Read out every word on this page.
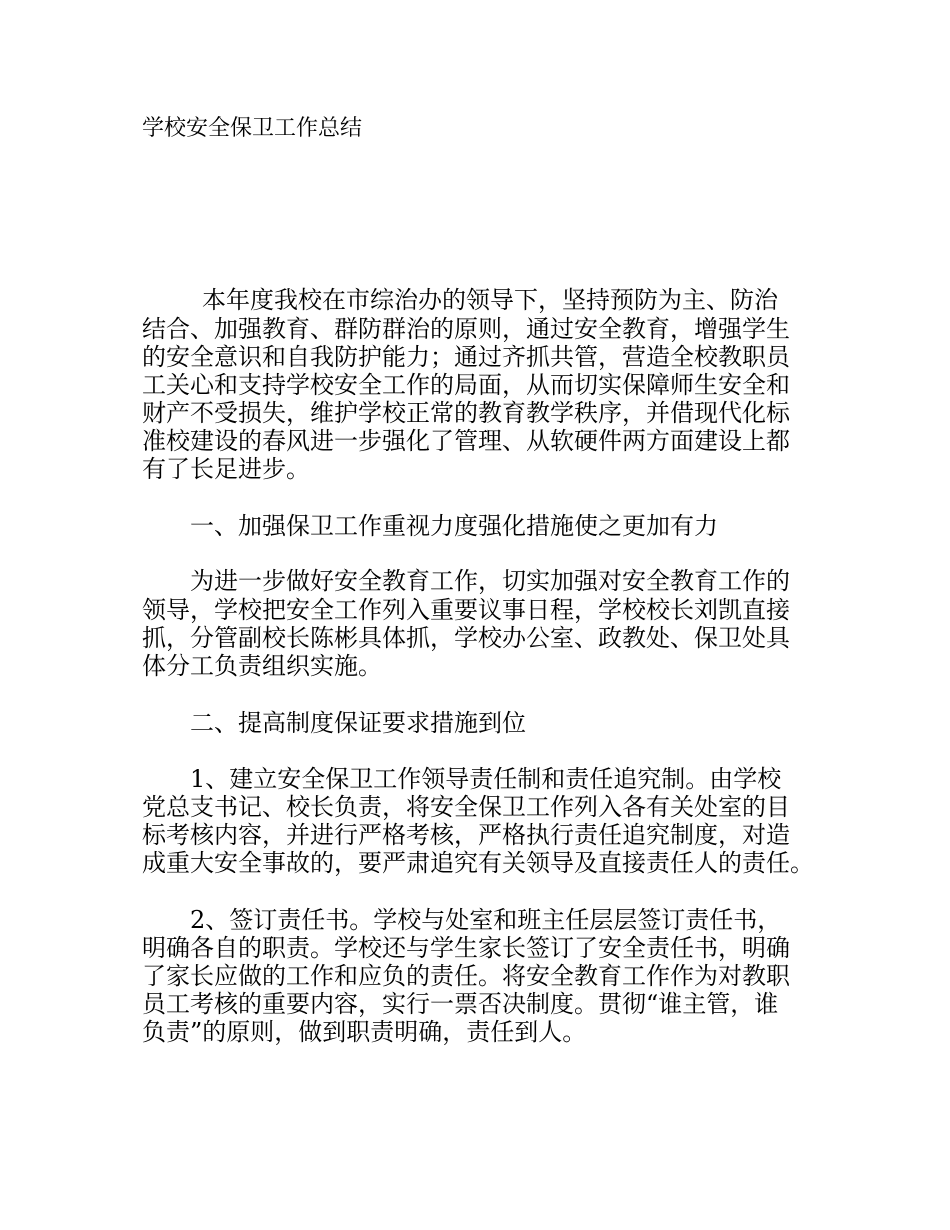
学校安全保卫工作总结
本年度我校在市综治办的领导下，坚持预防为主、防治
结合、加强教育、群防群治的原则，通过安全教育，增强学生
的安全意识和自我防护能力；通过齐抓共管，营造全校教职员
工关心和支持学校安全工作的局面，从而切实保障师生安全和
财产不受损失，维护学校正常的教育教学秩序，并借现代化标
准校建设的春风进一步强化了管理、从软硬件两方面建设上都
有了长足进步。
一、加强保卫工作重视力度强化措施使之更加有力
为进一步做好安全教育工作，切实加强对安全教育工作的
领导，学校把安全工作列入重要议事日程，学校校长刘凯直接
抓，分管副校长陈彬具体抓，学校办公室、政教处、保卫处具
体分工负责组织实施。
二、提高制度保证要求措施到位
1、建立安全保卫工作领导责任制和责任追究制。由学校
党总支书记、校长负责，将安全保卫工作列入各有关处室的目
标考核内容，并进行严格考核，严格执行责任追究制度，对造
成重大安全事故的，要严肃追究有关领导及直接责任人的责任。
2、签订责任书。学校与处室和班主任层层签订责任书，
明确各自的职责。学校还与学生家长签订了安全责任书，明确
了家长应做的工作和应负的责任。将安全教育工作作为对教职
员工考核的重要内容，实行一票否决制度。贯彻“谁主管，谁
负责”的原则，做到职责明确，责任到人。
